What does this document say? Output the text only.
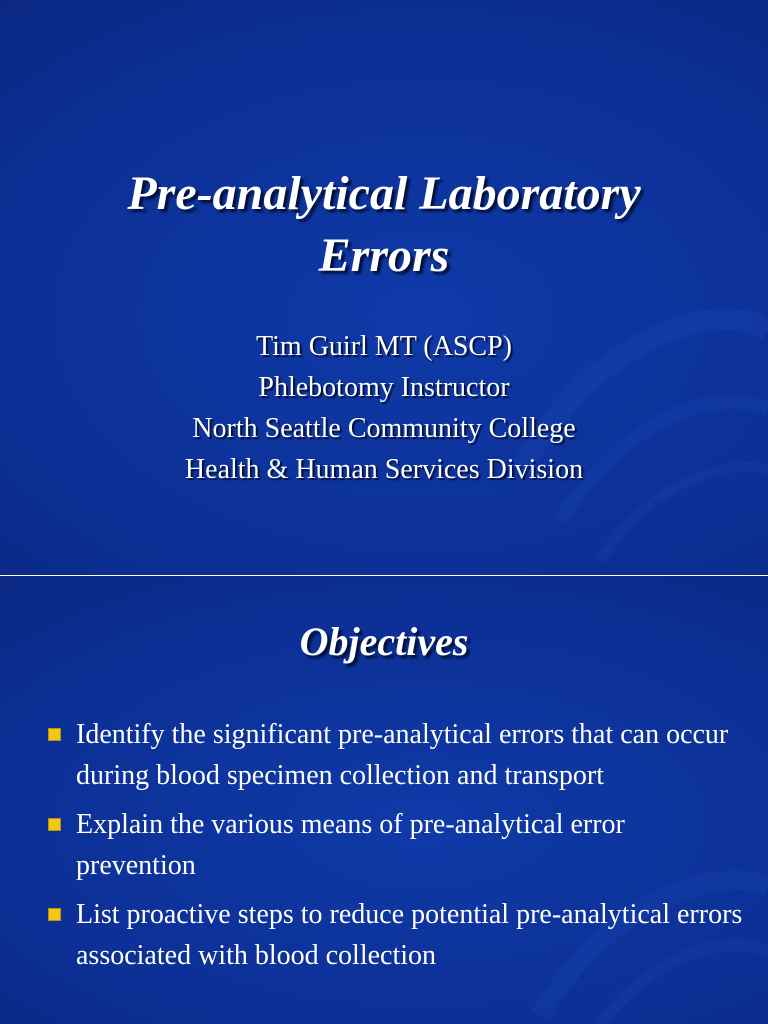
Pre-analytical Laboratory
Errors
Tim Guirl MT (ASCP)
Phlebotomy Instructor
North Seattle Community College
Health & Human Services Division
Objectives
Identify the significant pre-analytical errors that can occur during blood specimen collection and transport
Explain the various means of pre-analytical error prevention
List proactive steps to reduce potential pre-analytical errors associated with blood collection
